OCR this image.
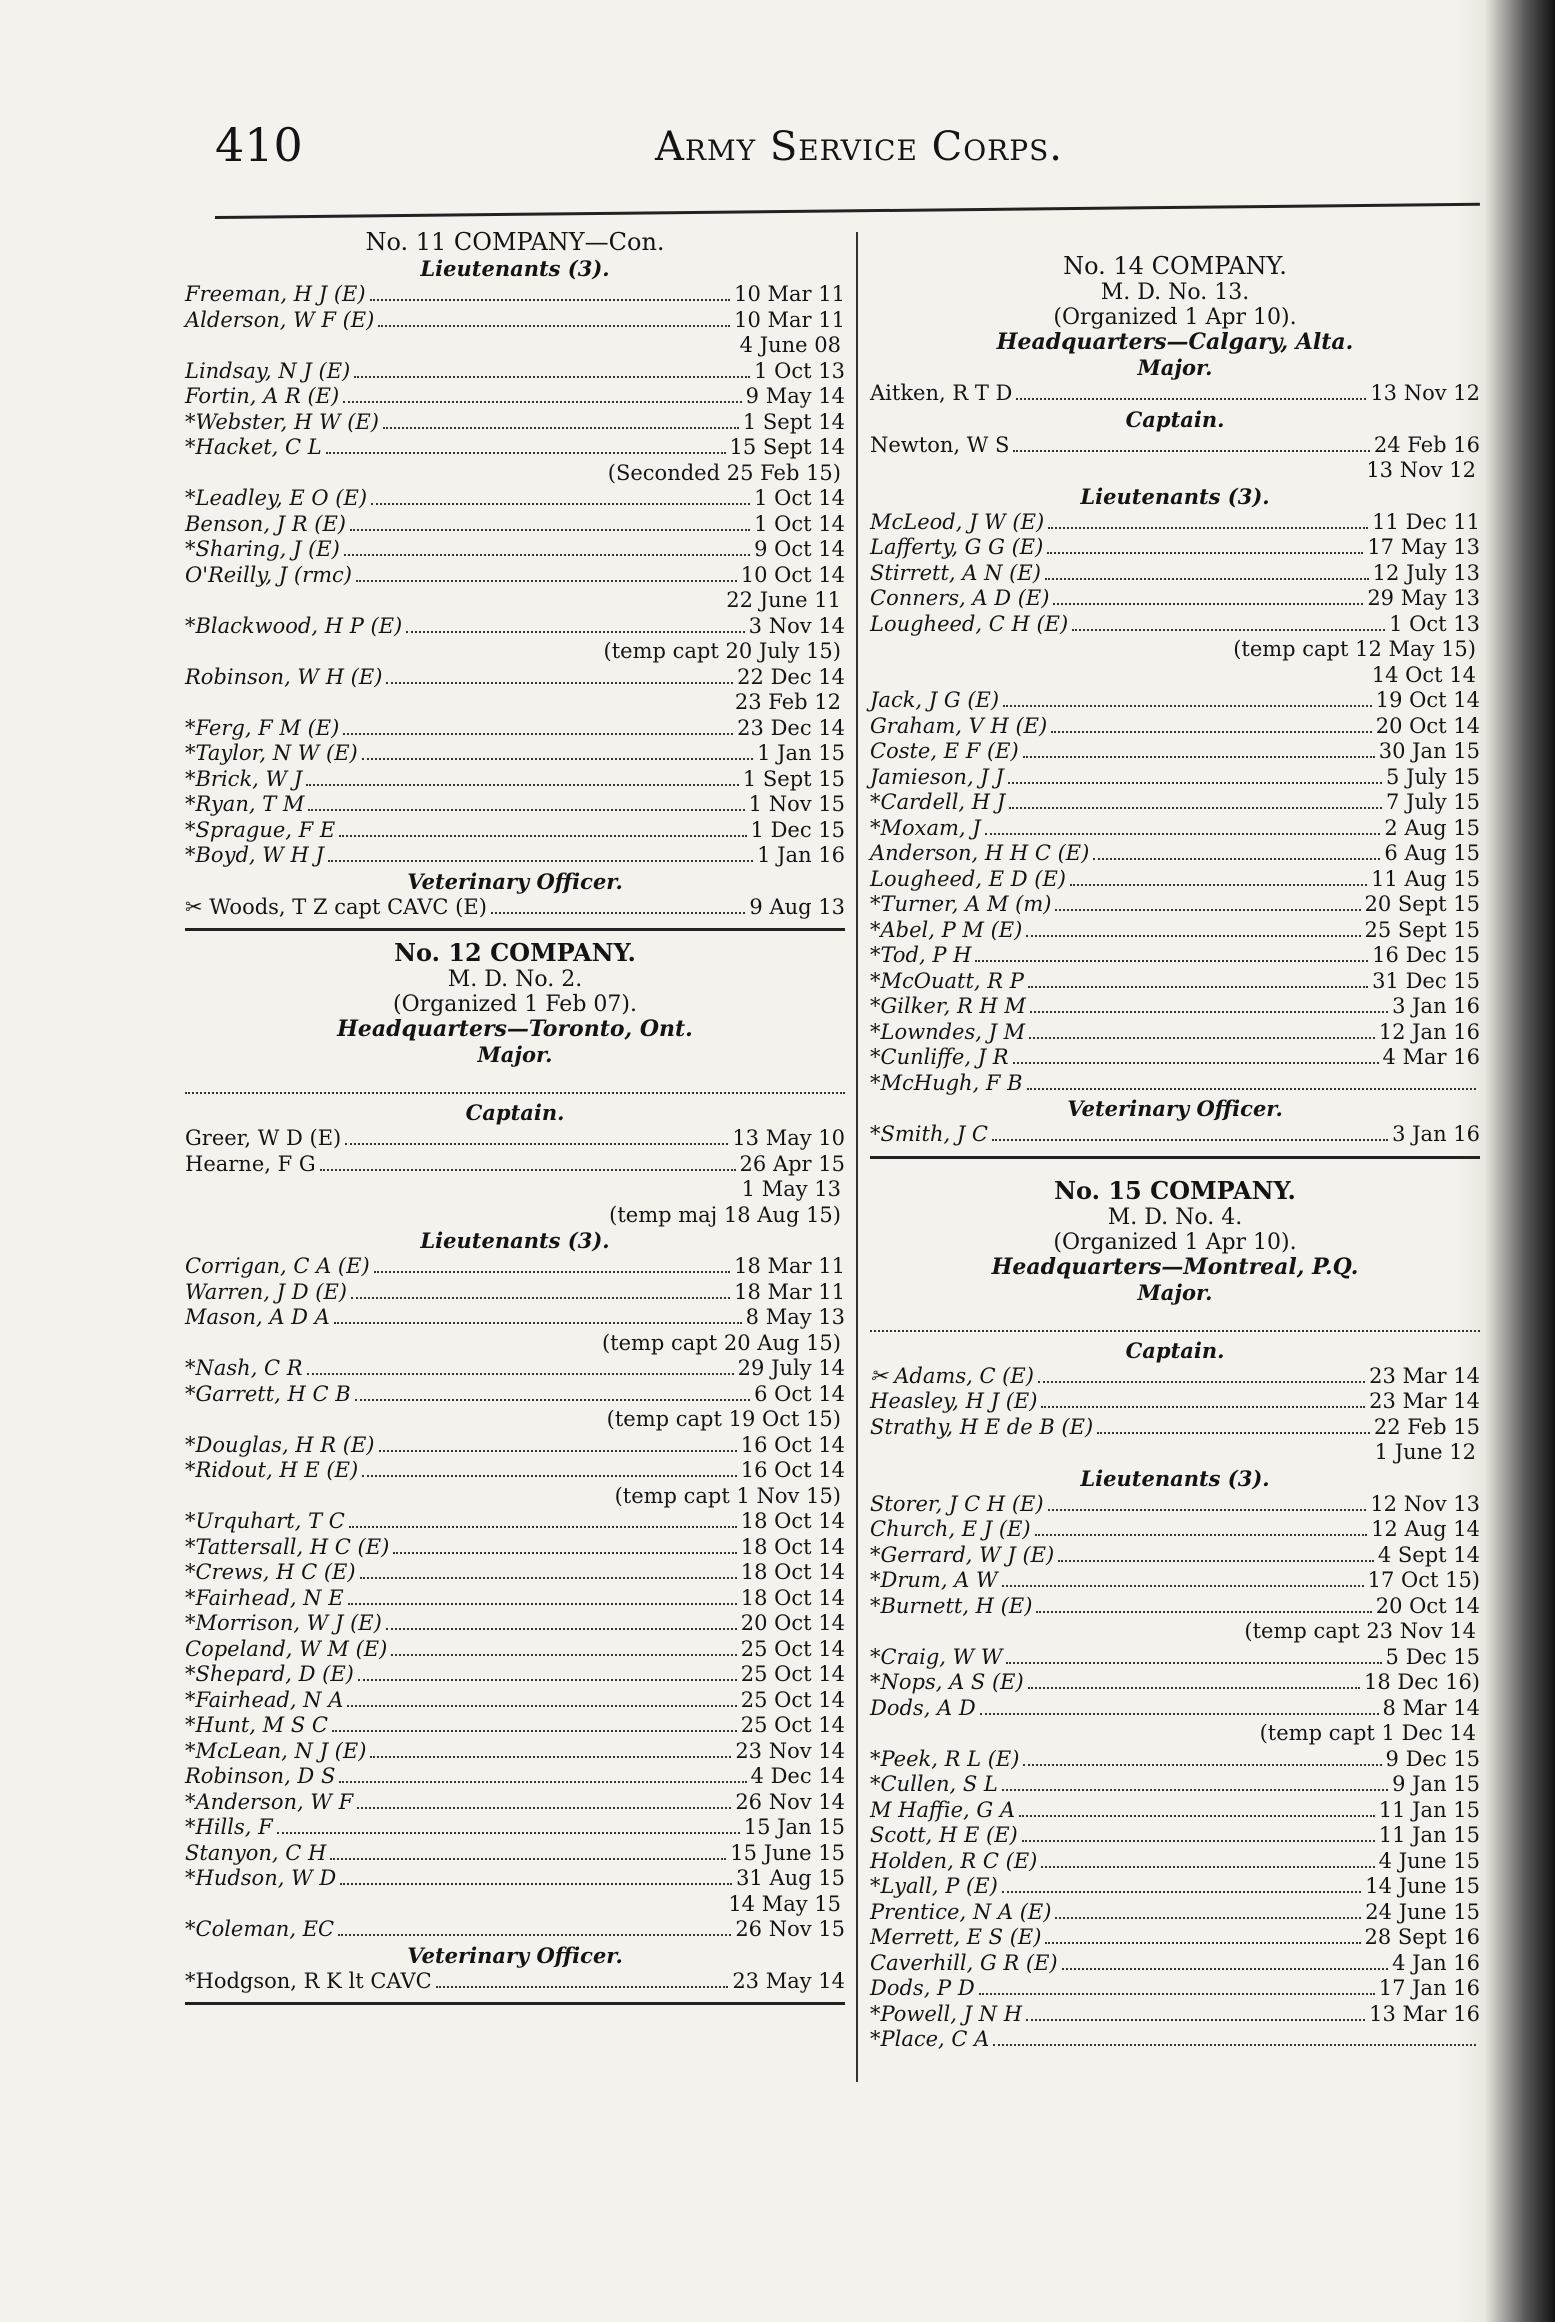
410	Army Service Corps.
No. 11 COMPANY—Con.
Lieutenants (3).
Freeman, H J (E)	10 Mar 11
Alderson, W F (E)	10 Mar 11
4 June 08
Lindsay, N J (E)	1 Oct 13
Fortin, A R (E)	9 May 14
*Webster, H W (E)	1 Sept 14
*Hacket, C L	15 Sept 14
(Seconded 25 Feb 15)
*Leadley, E O (E)	1 Oct 14
Benson, J R (E)	1 Oct 14
*Sharing, J (E)	9 Oct 14
O'Reilly, J (rmc)	10 Oct 14
22 June 11
*Blackwood, H P (E)	3 Nov 14
(temp capt 20 July 15)
Robinson, W H (E)	22 Dec 14
23 Feb 12
*Ferg, F M (E)	23 Dec 14
*Taylor, N W (E)	1 Jan 15
*Brick, W J	1 Sept 15
*Ryan, T M	1 Nov 15
*Sprague, F E	1 Dec 15
*Boyd, W H J	1 Jan 16
Veterinary Officer.
✂ Woods, T Z capt CAVC (E)	9 Aug 13
No. 12 COMPANY.
M. D. No. 2.
(Organized 1 Feb 07).
Headquarters—Toronto, Ont.
Major.
Captain.
Greer, W D (E)	13 May 10
Hearne, F G	26 Apr 15
1 May 13
(temp maj 18 Aug 15)
Lieutenants (3).
Corrigan, C A (E)	18 Mar 11
Warren, J D (E)	18 Mar 11
Mason, A D A	8 May 13
(temp capt 20 Aug 15)
*Nash, C R	29 July 14
*Garrett, H C B	6 Oct 14
(temp capt 19 Oct 15)
*Douglas, H R (E)	16 Oct 14
*Ridout, H E (E)	16 Oct 14
(temp capt 1 Nov 15)
*Urquhart, T C	18 Oct 14
*Tattersall, H C (E)	18 Oct 14
*Crews, H C (E)	18 Oct 14
*Fairhead, N E	18 Oct 14
*Morrison, W J (E)	20 Oct 14
Copeland, W M (E)	25 Oct 14
*Shepard, D (E)	25 Oct 14
*Fairhead, N A	25 Oct 14
*Hunt, M S C	25 Oct 14
*McLean, N J (E)	23 Nov 14
Robinson, D S	4 Dec 14
*Anderson, W F	26 Nov 14
*Hills, F	15 Jan 15
Stanyon, C H	15 June 15
*Hudson, W D	31 Aug 15
14 May 15
*Coleman, EC	26 Nov 15
Veterinary Officer.
*Hodgson, R K lt CAVC	23 May 14
No. 14 COMPANY.
M. D. No. 13.
(Organized 1 Apr 10).
Headquarters—Calgary, Alta.
Major.
Aitken, R T D	13 Nov 12
Captain.
Newton, W S	24 Feb 16
13 Nov 12
Lieutenants (3).
McLeod, J W (E)	11 Dec 11
Lafferty, G G (E)	17 May 13
Stirrett, A N (E)	12 July 13
Conners, A D (E)	29 May 13
Lougheed, C H (E)	1 Oct 13
(temp capt 12 May 15)
14 Oct 14
Jack, J G (E)	19 Oct 14
Graham, V H (E)	20 Oct 14
Coste, E F (E)	30 Jan 15
Jamieson, J J	5 July 15
*Cardell, H J	7 July 15
*Moxam, J	2 Aug 15
Anderson, H H C (E)	6 Aug 15
Lougheed, E D (E)	11 Aug 15
*Turner, A M (m)	20 Sept 15
*Abel, P M (E)	25 Sept 15
*Tod, P H	16 Dec 15
*McOuatt, R P	31 Dec 15
*Gilker, R H M	3 Jan 16
*Lowndes, J M	12 Jan 16
*Cunliffe, J R	4 Mar 16
*McHugh, F B
Veterinary Officer.
*Smith, J C	3 Jan 16
No. 15 COMPANY.
M. D. No. 4.
(Organized 1 Apr 10).
Headquarters—Montreal, P.Q.
Major.
Captain.
✂ Adams, C (E)	23 Mar 14
Heasley, H J (E)	23 Mar 14
Strathy, H E de B (E)	22 Feb 15
1 June 12
Lieutenants (3).
Storer, J C H (E)	12 Nov 13
Church, E J (E)	12 Aug 14
*Gerrard, W J (E)	4 Sept 14
*Drum, A W	17 Oct 15)
*Burnett, H (E)	20 Oct 14
(temp capt 23 Nov 14
*Craig, W W	5 Dec 15
*Nops, A S (E)	18 Dec 16)
Dods, A D	8 Mar 14
(temp capt 1 Dec 14
*Peek, R L (E)	9 Dec 15
*Cullen, S L	9 Jan 15
M Haffie, G A	11 Jan 15
Scott, H E (E)	11 Jan 15
Holden, R C (E)	4 June 15
*Lyall, P (E)	14 June 15
Prentice, N A (E)	24 June 15
Merrett, E S (E)	28 Sept 16
Caverhill, G R (E)	4 Jan 16
Dods, P D	17 Jan 16
*Powell, J N H	13 Mar 16
*Place, C A
